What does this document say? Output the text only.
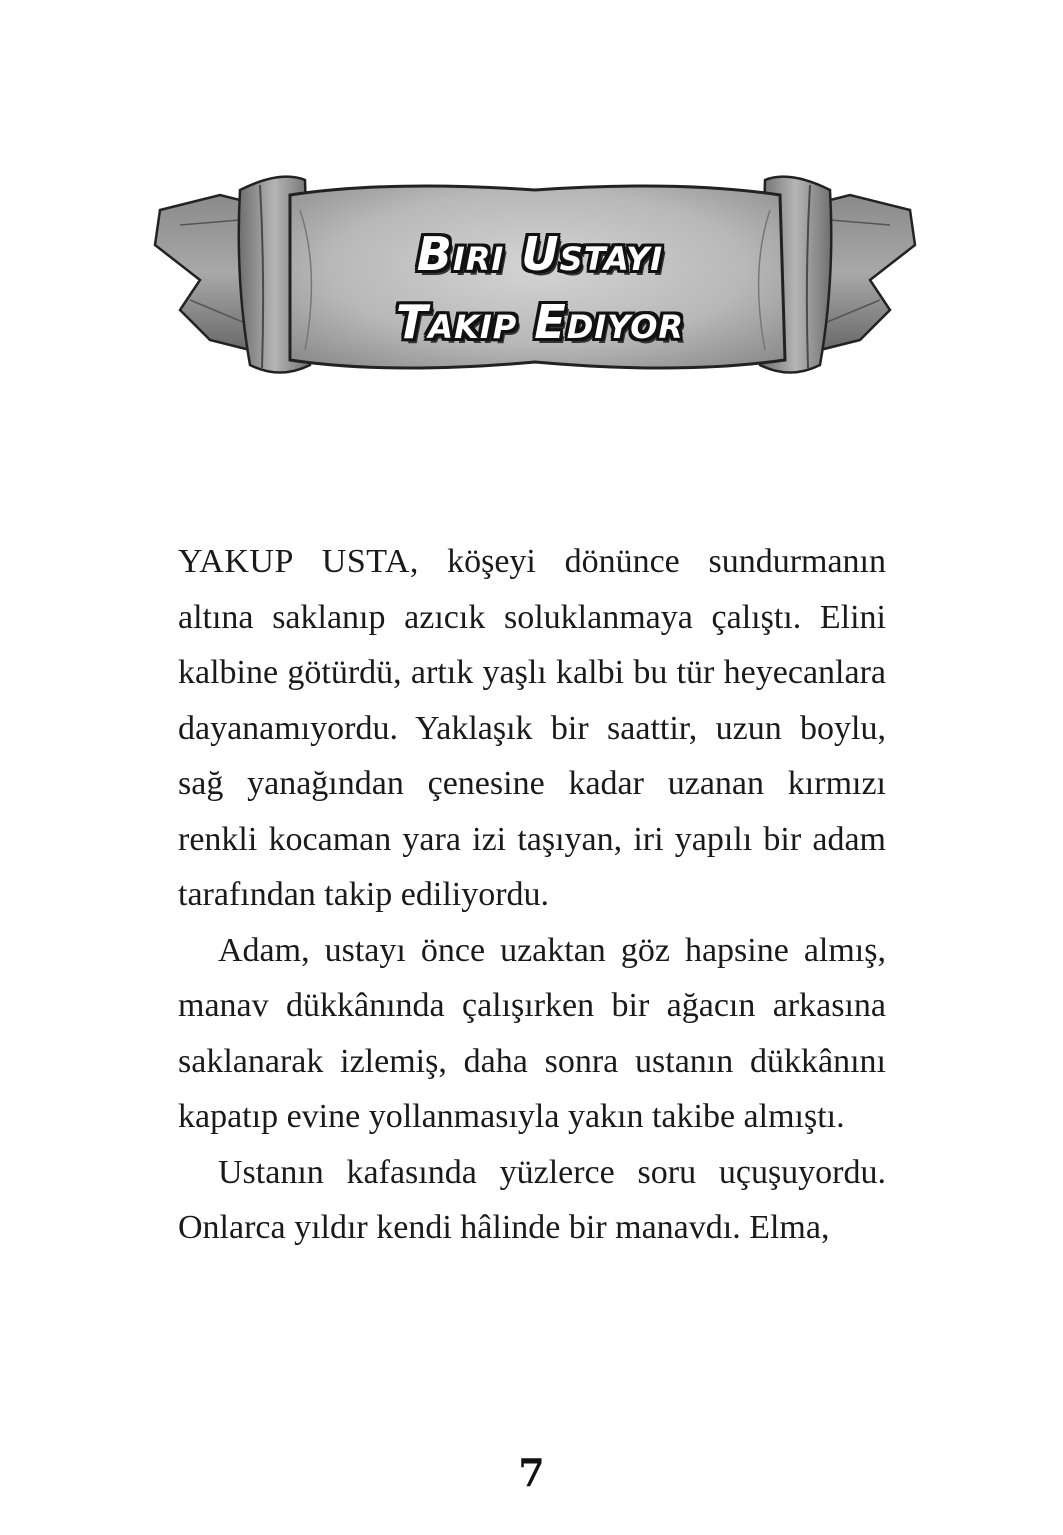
Biri Ustayı
Takip Ediyor

YAKUP USTA, köşeyi dönünce sundurmanın altına saklanıp azıcık soluklanmaya çalıştı. Elini kalbine götürdü, artık yaşlı kalbi bu tür heyecanlara dayanamıyordu. Yaklaşık bir saattir, uzun boylu, sağ yanağından çenesine kadar uzanan kırmızı renkli kocaman yara izi taşıyan, iri yapılı bir adam tarafından takip ediliyordu.

Adam, ustayı önce uzaktan göz hapsine almış, manav dükkânında çalışırken bir ağacın arkasına saklanarak izlemiş, daha sonra ustanın dükkânını kapatıp evine yollanmasıyla yakın takibe almıştı.

Ustanın kafasında yüzlerce soru uçuşuyordu. Onlarca yıldır kendi hâlinde bir manavdı. Elma,

7
